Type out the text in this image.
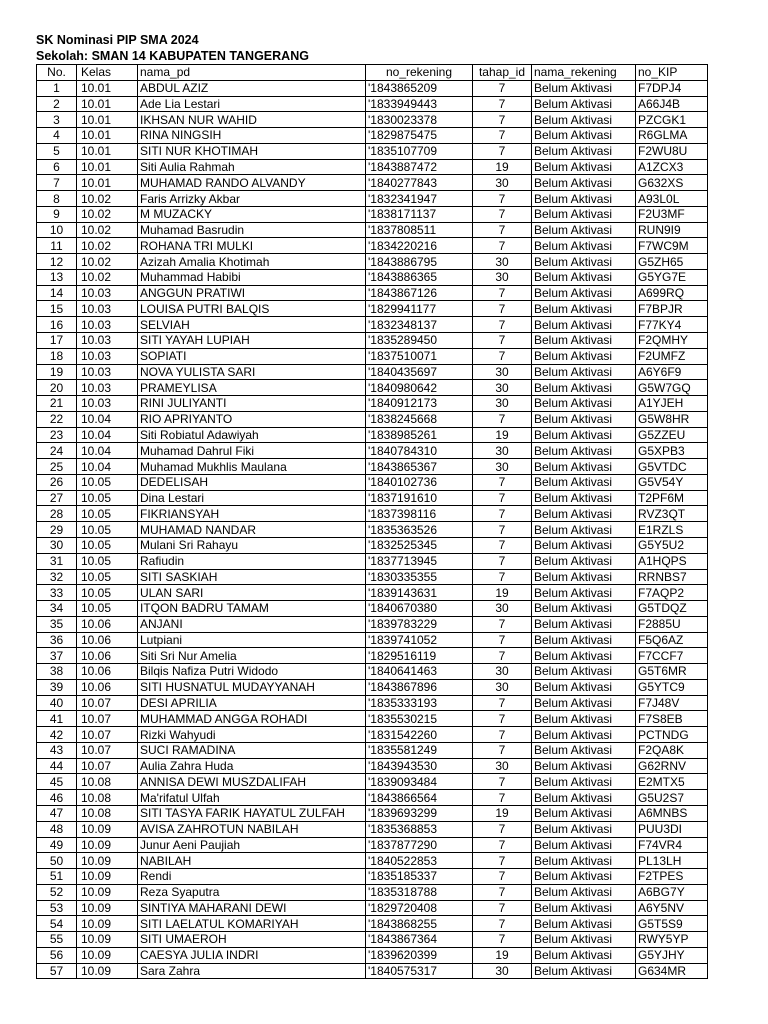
SK Nominasi PIP SMA 2024
Sekolah: SMAN 14 KABUPATEN TANGERANG
No.	Kelas	nama_pd	no_rekening	tahap_id	nama_rekening	no_KIP
1	10.01	ABDUL AZIZ	'1843865209	7	Belum Aktivasi	F7DPJ4
2	10.01	Ade Lia Lestari	'1833949443	7	Belum Aktivasi	A66J4B
3	10.01	IKHSAN NUR WAHID	'1830023378	7	Belum Aktivasi	PZCGK1
4	10.01	RINA NINGSIH	'1829875475	7	Belum Aktivasi	R6GLMA
5	10.01	SITI NUR KHOTIMAH	'1835107709	7	Belum Aktivasi	F2WU8U
6	10.01	Siti Aulia Rahmah	'1843887472	19	Belum Aktivasi	A1ZCX3
7	10.01	MUHAMAD RANDO ALVANDY	'1840277843	30	Belum Aktivasi	G632XS
8	10.02	Faris Arrizky Akbar	'1832341947	7	Belum Aktivasi	A93L0L
9	10.02	M MUZACKY	'1838171137	7	Belum Aktivasi	F2U3MF
10	10.02	Muhamad Basrudin	'1837808511	7	Belum Aktivasi	RUN9I9
11	10.02	ROHANA TRI MULKI	'1834220216	7	Belum Aktivasi	F7WC9M
12	10.02	Azizah Amalia Khotimah	'1843886795	30	Belum Aktivasi	G5ZH65
13	10.02	Muhammad Habibi	'1843886365	30	Belum Aktivasi	G5YG7E
14	10.03	ANGGUN PRATIWI	'1843867126	7	Belum Aktivasi	A699RQ
15	10.03	LOUISA PUTRI BALQIS	'1829941177	7	Belum Aktivasi	F7BPJR
16	10.03	SELVIAH	'1832348137	7	Belum Aktivasi	F77KY4
17	10.03	SITI YAYAH LUPIAH	'1835289450	7	Belum Aktivasi	F2QMHY
18	10.03	SOPIATI	'1837510071	7	Belum Aktivasi	F2UMFZ
19	10.03	NOVA YULISTA SARI	'1840435697	30	Belum Aktivasi	A6Y6F9
20	10.03	PRAMEYLISA	'1840980642	30	Belum Aktivasi	G5W7GQ
21	10.03	RINI JULIYANTI	'1840912173	30	Belum Aktivasi	A1YJEH
22	10.04	RIO APRIYANTO	'1838245668	7	Belum Aktivasi	G5W8HR
23	10.04	Siti Robiatul Adawiyah	'1838985261	19	Belum Aktivasi	G5ZZEU
24	10.04	Muhamad Dahrul Fiki	'1840784310	30	Belum Aktivasi	G5XPB3
25	10.04	Muhamad Mukhlis Maulana	'1843865367	30	Belum Aktivasi	G5VTDC
26	10.05	DEDELISAH	'1840102736	7	Belum Aktivasi	G5V54Y
27	10.05	Dina Lestari	'1837191610	7	Belum Aktivasi	T2PF6M
28	10.05	FIKRIANSYAH	'1837398116	7	Belum Aktivasi	RVZ3QT
29	10.05	MUHAMAD NANDAR	'1835363526	7	Belum Aktivasi	E1RZLS
30	10.05	Mulani Sri Rahayu	'1832525345	7	Belum Aktivasi	G5Y5U2
31	10.05	Rafiudin	'1837713945	7	Belum Aktivasi	A1HQPS
32	10.05	SITI SASKIAH	'1830335355	7	Belum Aktivasi	RRNBS7
33	10.05	ULAN SARI	'1839143631	19	Belum Aktivasi	F7AQP2
34	10.05	ITQON BADRU TAMAM	'1840670380	30	Belum Aktivasi	G5TDQZ
35	10.06	ANJANI	'1839783229	7	Belum Aktivasi	F2885U
36	10.06	Lutpiani	'1839741052	7	Belum Aktivasi	F5Q6AZ
37	10.06	Siti Sri Nur Amelia	'1829516119	7	Belum Aktivasi	F7CCF7
38	10.06	Bilqis Nafiza Putri Widodo	'1840641463	30	Belum Aktivasi	G5T6MR
39	10.06	SITI HUSNATUL MUDAYYANAH	'1843867896	30	Belum Aktivasi	G5YTC9
40	10.07	DESI APRILIA	'1835333193	7	Belum Aktivasi	F7J48V
41	10.07	MUHAMMAD ANGGA ROHADI	'1835530215	7	Belum Aktivasi	F7S8EB
42	10.07	Rizki Wahyudi	'1831542260	7	Belum Aktivasi	PCTNDG
43	10.07	SUCI RAMADINA	'1835581249	7	Belum Aktivasi	F2QA8K
44	10.07	Aulia Zahra Huda	'1843943530	30	Belum Aktivasi	G62RNV
45	10.08	ANNISA DEWI MUSZDALIFAH	'1839093484	7	Belum Aktivasi	E2MTX5
46	10.08	Ma'rifatul Ulfah	'1843866564	7	Belum Aktivasi	G5U2S7
47	10.08	SITI TASYA FARIK HAYATUL ZULFAH	'1839693299	19	Belum Aktivasi	A6MNBS
48	10.09	AVISA ZAHROTUN NABILAH	'1835368853	7	Belum Aktivasi	PUU3DI
49	10.09	Junur Aeni Paujiah	'1837877290	7	Belum Aktivasi	F74VR4
50	10.09	NABILAH	'1840522853	7	Belum Aktivasi	PL13LH
51	10.09	Rendi	'1835185337	7	Belum Aktivasi	F2TPES
52	10.09	Reza Syaputra	'1835318788	7	Belum Aktivasi	A6BG7Y
53	10.09	SINTIYA MAHARANI DEWI	'1829720408	7	Belum Aktivasi	A6Y5NV
54	10.09	SITI LAELATUL KOMARIYAH	'1843868255	7	Belum Aktivasi	G5T5S9
55	10.09	SITI UMAEROH	'1843867364	7	Belum Aktivasi	RWY5YP
56	10.09	CAESYA JULIA INDRI	'1839620399	19	Belum Aktivasi	G5YJHY
57	10.09	Sara Zahra	'1840575317	30	Belum Aktivasi	G634MR
